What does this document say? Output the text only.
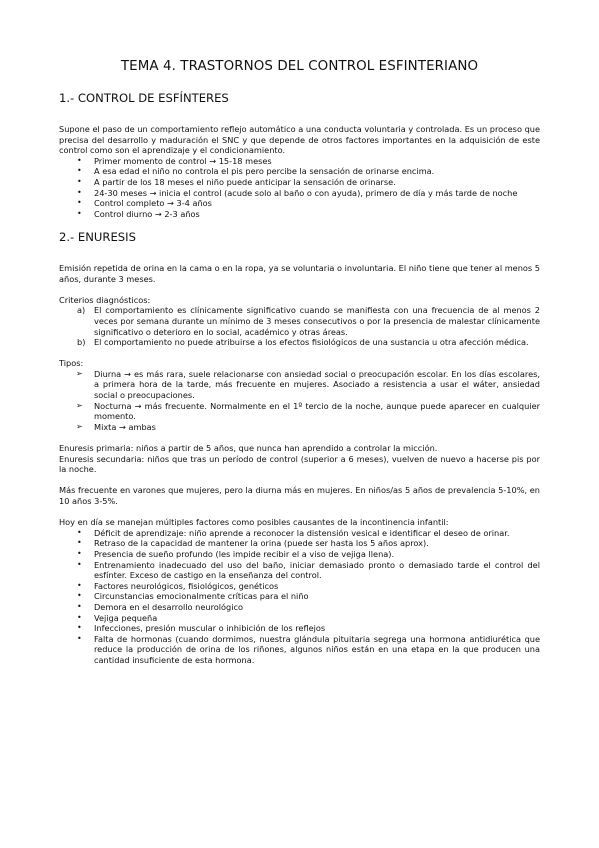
TEMA 4. TRASTORNOS DEL CONTROL ESFINTERIANO
1.- CONTROL DE ESFÍNTERES

Supone el paso de un comportamiento reflejo automático a una conducta voluntaria y controlada. Es un proceso que precisa del desarrollo y maduración el SNC y que depende de otros factores importantes en la adquisición de este control como son el aprendizaje y el condicionamiento.

• Primer momento de control → 15-18 meses
• A esa edad el niño no controla el pis pero percibe la sensación de orinarse encima.
• A partir de los 18 meses el niño puede anticipar la sensación de orinarse.
• 24-30 meses → inicia el control (acude solo al baño o con ayuda), primero de día y más tarde de noche
• Control completo → 3-4 años
• Control diurno → 2-3 años
2.- ENURESIS

Emisión repetida de orina en la cama o en la ropa, ya se voluntaria o involuntaria. El niño tiene que tener al menos 5 años, durante 3 meses.

Criterios diagnósticos:

a) El comportamiento es clínicamente significativo cuando se manifiesta con una frecuencia de al menos 2 veces por semana durante un mínimo de 3 meses consecutivos o por la presencia de malestar clínicamente significativo o deterioro en lo social, académico y otras áreas.
b) El comportamiento no puede atribuirse a los efectos fisiológicos de una sustancia u otra afección médica.

Tipos:

➢ Diurna → es más rara, suele relacionarse con ansiedad social o preocupación escolar. En los días escolares, a primera hora de la tarde, más frecuente en mujeres. Asociado a resistencia a usar el wáter, ansiedad social o preocupaciones.
➢ Nocturna → más frecuente. Normalmente en el 1º tercio de la noche, aunque puede aparecer en cualquier momento.
➢ Mixta → ambas

Enuresis primaria: niños a partir de 5 años, que nunca han aprendido a controlar la micción.

Enuresis secundaria: niños que tras un período de control (superior a 6 meses), vuelven de nuevo a hacerse pis por la noche.

Más frecuente en varones que mujeres, pero la diurna más en mujeres. En niños/as 5 años de prevalencia 5-10%, en 10 años 3-5%.

Hoy en día se manejan múltiples factores como posibles causantes de la incontinencia infantil:

• Déficit de aprendizaje: niño aprende a reconocer la distensión vesical e identificar el deseo de orinar.
• Retraso de la capacidad de mantener la orina (puede ser hasta los 5 años aprox).
• Presencia de sueño profundo (les impide recibir el a viso de vejiga llena).
• Entrenamiento inadecuado del uso del baño, iniciar demasiado pronto o demasiado tarde el control del esfínter. Exceso de castigo en la enseñanza del control.
• Factores neurológicos, fisiológicos, genéticos
• Circunstancias emocionalmente críticas para el niño
• Demora en el desarrollo neurológico
• Vejiga pequeña
• Infecciones, presión muscular o inhibición de los reflejos
• Falta de hormonas (cuando dormimos, nuestra glándula pituitaria segrega una hormona antidiurética que reduce la producción de orina de los riñones, algunos niños están en una etapa en la que producen una cantidad insuficiente de esta hormona.
